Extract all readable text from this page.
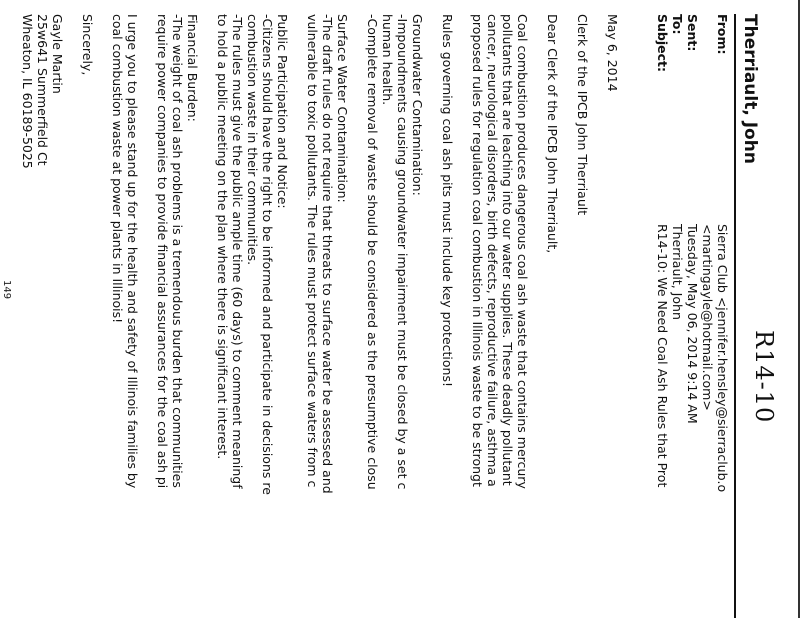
R14-10
Therriault, John
From:
Sierra Club <jennifer.hensley@sierraclub.o
<martingayle@hotmail.com>
Sent:
Tuesday, May 06, 2014 9:14 AM
To:
Therriault, John
Subject:
R14-10: We Need Coal Ash Rules that Prot
May 6, 2014
Clerk of the IPCB John Therriault
Dear Clerk of the IPCB John Therriault,
Coal combustion produces dangerous coal ash waste that contains mercury
pollutants that are leaching into our water supplies. These deadly pollutant
cancer, neurological disorders, birth defects, reproductive failure, asthma a
proposed rules for regulation coal combustion in Illinois waste to be strongt
Rules governing coal ash pits must include key protections!
Groundwater Contamination:
-Impoundments causing groundwater impairment must be closed by a set c
human health.
-Complete removal of waste should be considered as the presumptive closu
Surface Water Contamination:
-The draft rules do not require that threats to surface water be assessed and
vulnerable to toxic pollutants. The rules must protect surface waters from c
Public Participation and Notice:
-Citizens should have the right to be informed and participate in decisions re
combustion waste in their communities.
-The rules must give the public ample time (60 days) to comment meaningf
to hold a public meeting on the plan where there is significant interest.
Financial Burden:
-The weight of coal ash problems is a tremendous burden that communities
require power companies to provide financial assurances for the coal ash pi
I urge you to please stand up for the health and safety of Illinois families by
coal combustion waste at power plants in Illinois!
Sincerely,
Gayle Martin
25w641 Summerfield Ct
Wheaton, IL 60189-5025
149
